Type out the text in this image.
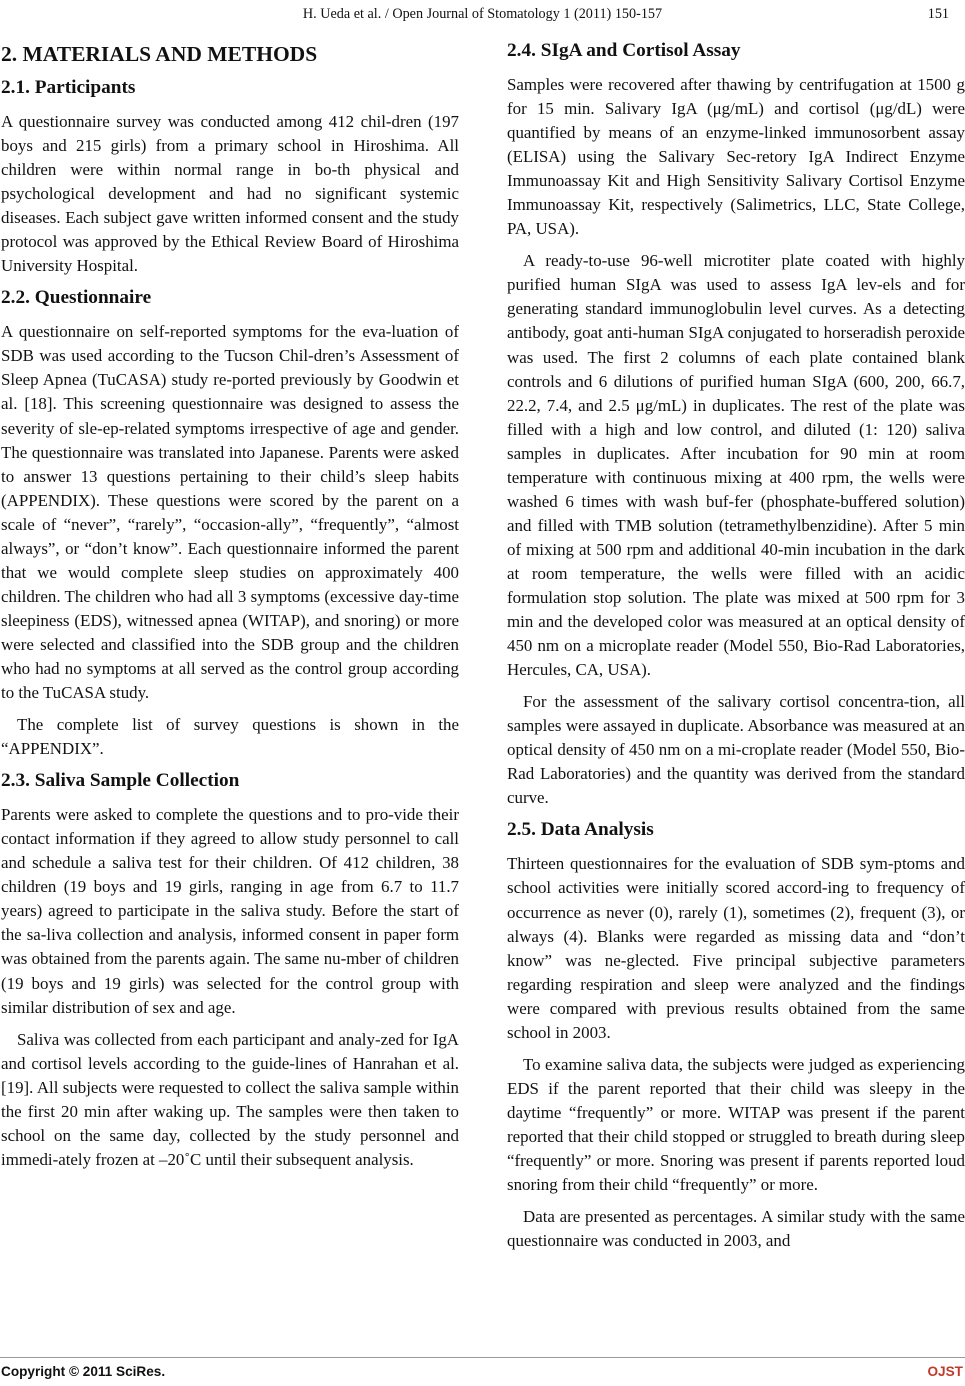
H. Ueda et al. / Open Journal of Stomatology 1 (2011) 150-157	151
2. MATERIALS AND METHODS
2.1. Participants

A questionnaire survey was conducted among 412 chil-dren (197 boys and 215 girls) from a primary school in Hiroshima. All children were within normal range in bo-th physical and psychological development and had no significant systemic diseases. Each subject gave written informed consent and the study protocol was approved by the Ethical Review Board of Hiroshima University Hospital.

2.2. Questionnaire

A questionnaire on self-reported symptoms for the eva-luation of SDB was used according to the Tucson Chil-dren’s Assessment of Sleep Apnea (TuCASA) study re-ported previously by Goodwin et al. [18]. This screening questionnaire was designed to assess the severity of sle-ep-related symptoms irrespective of age and gender. The questionnaire was translated into Japanese. Parents were asked to answer 13 questions pertaining to their child’s sleep habits (APPENDIX). These questions were scored by the parent on a scale of “never”, “rarely”, “occasion-ally”, “frequently”, “almost always”, or “don’t know”. Each questionnaire informed the parent that we would complete sleep studies on approximately 400 children. The children who had all 3 symptoms (excessive day-time sleepiness (EDS), witnessed apnea (WITAP), and snoring) or more were selected and classified into the SDB group and the children who had no symptoms at all served as the control group according to the TuCASA study.

The complete list of survey questions is shown in the “APPENDIX”.

2.3. Saliva Sample Collection

Parents were asked to complete the questions and to pro-vide their contact information if they agreed to allow study personnel to call and schedule a saliva test for their children. Of 412 children, 38 children (19 boys and 19 girls, ranging in age from 6.7 to 11.7 years) agreed to participate in the saliva study. Before the start of the sa-liva collection and analysis, informed consent in paper form was obtained from the parents again. The same nu-mber of children (19 boys and 19 girls) was selected for the control group with similar distribution of sex and age.

Saliva was collected from each participant and analy-zed for IgA and cortisol levels according to the guide-lines of Hanrahan et al. [19]. All subjects were requested to collect the saliva sample within the first 20 min after waking up. The samples were then taken to school on the same day, collected by the study personnel and immedi-ately frozen at –20˚C until their subsequent analysis.

2.4. SIgA and Cortisol Assay

Samples were recovered after thawing by centrifugation at 1500 g for 15 min. Salivary IgA (μg/mL) and cortisol (μg/dL) were quantified by means of an enzyme-linked immunosorbent assay (ELISA) using the Salivary Sec-retory IgA Indirect Enzyme Immunoassay Kit and High Sensitivity Salivary Cortisol Enzyme Immunoassay Kit, respectively (Salimetrics, LLC, State College, PA, USA).

A ready-to-use 96-well microtiter plate coated with highly purified human SIgA was used to assess IgA lev-els and for generating standard immunoglobulin level curves. As a detecting antibody, goat anti-human SIgA conjugated to horseradish peroxide was used. The first 2 columns of each plate contained blank controls and 6 dilutions of purified human SIgA (600, 200, 66.7, 22.2, 7.4, and 2.5 μg/mL) in duplicates. The rest of the plate was filled with a high and low control, and diluted (1: 120) saliva samples in duplicates. After incubation for 90 min at room temperature with continuous mixing at 400 rpm, the wells were washed 6 times with wash buf-fer (phosphate-buffered solution) and filled with TMB solution (tetramethylbenzidine). After 5 min of mixing at 500 rpm and additional 40-min incubation in the dark at room temperature, the wells were filled with an acidic formulation stop solution. The plate was mixed at 500 rpm for 3 min and the developed color was measured at an optical density of 450 nm on a microplate reader (Model 550, Bio-Rad Laboratories, Hercules, CA, USA).

For the assessment of the salivary cortisol concentra-tion, all samples were assayed in duplicate. Absorbance was measured at an optical density of 450 nm on a mi-croplate reader (Model 550, Bio-Rad Laboratories) and the quantity was derived from the standard curve.

2.5. Data Analysis

Thirteen questionnaires for the evaluation of SDB sym-ptoms and school activities were initially scored accord-ing to frequency of occurrence as never (0), rarely (1), sometimes (2), frequent (3), or always (4). Blanks were regarded as missing data and “don’t know” was ne-glected. Five principal subjective parameters regarding respiration and sleep were analyzed and the findings were compared with previous results obtained from the same school in 2003.

To examine saliva data, the subjects were judged as experiencing EDS if the parent reported that their child was sleepy in the daytime “frequently” or more. WITAP was present if the parent reported that their child stopped or struggled to breath during sleep “frequently” or more. Snoring was present if parents reported loud snoring from their child “frequently” or more.

Data are presented as percentages. A similar study with the same questionnaire was conducted in 2003, and

Copyright © 2011 SciRes.	OJST
